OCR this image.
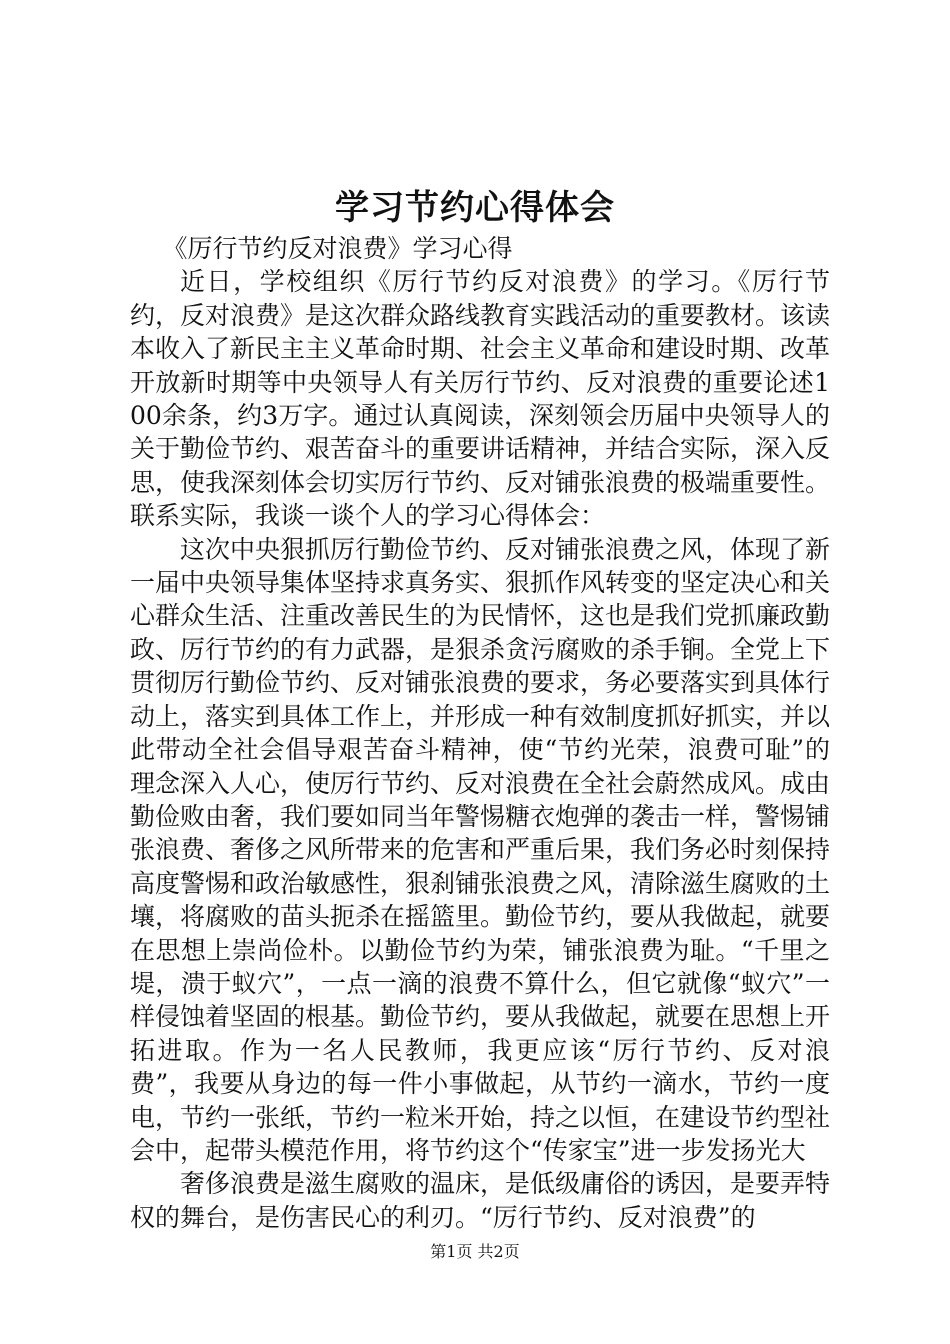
学习节约心得体会

《厉行节约反对浪费》学习心得

近日，学校组织《厉行节约反对浪费》的学习。《厉行节约，反对浪费》是这次群众路线教育实践活动的重要教材。该读本收入了新民主主义革命时期、社会主义革命和建设时期、改革开放新时期等中央领导人有关厉行节约、反对浪费的重要论述100余条，约3万字。通过认真阅读，深刻领会历届中央领导人的关于勤俭节约、艰苦奋斗的重要讲话精神，并结合实际，深入反思，使我深刻体会切实厉行节约、反对铺张浪费的极端重要性。联系实际，我谈一谈个人的学习心得体会：

这次中央狠抓厉行勤俭节约、反对铺张浪费之风，体现了新一届中央领导集体坚持求真务实、狠抓作风转变的坚定决心和关心群众生活、注重改善民生的为民情怀，这也是我们党抓廉政勤政、厉行节约的有力武器，是狠杀贪污腐败的杀手锏。全党上下贯彻厉行勤俭节约、反对铺张浪费的要求，务必要落实到具体行动上，落实到具体工作上，并形成一种有效制度抓好抓实，并以此带动全社会倡导艰苦奋斗精神，使“节约光荣，浪费可耻”的理念深入人心，使厉行节约、反对浪费在全社会蔚然成风。成由勤俭败由奢，我们要如同当年警惕糖衣炮弹的袭击一样，警惕铺张浪费、奢侈之风所带来的危害和严重后果，我们务必时刻保持高度警惕和政治敏感性，狠刹铺张浪费之风，清除滋生腐败的土壤，将腐败的苗头扼杀在摇篮里。勤俭节约，要从我做起，就要在思想上崇尚俭朴。以勤俭节约为荣，铺张浪费为耻。“千里之堤，溃于蚁穴”，一点一滴的浪费不算什么，但它就像“蚁穴”一样侵蚀着坚固的根基。勤俭节约，要从我做起，就要在思想上开拓进取。作为一名人民教师，我更应该“厉行节约、反对浪费”，我要从身边的每一件小事做起，从节约一滴水，节约一度电，节约一张纸，节约一粒米开始，持之以恒，在建设节约型社会中，起带头模范作用，将节约这个“传家宝”进一步发扬光大

奢侈浪费是滋生腐败的温床，是低级庸俗的诱因，是要弄特权的舞台，是伤害民心的利刃。“厉行节约、反对浪费”的

第1页 共2页
